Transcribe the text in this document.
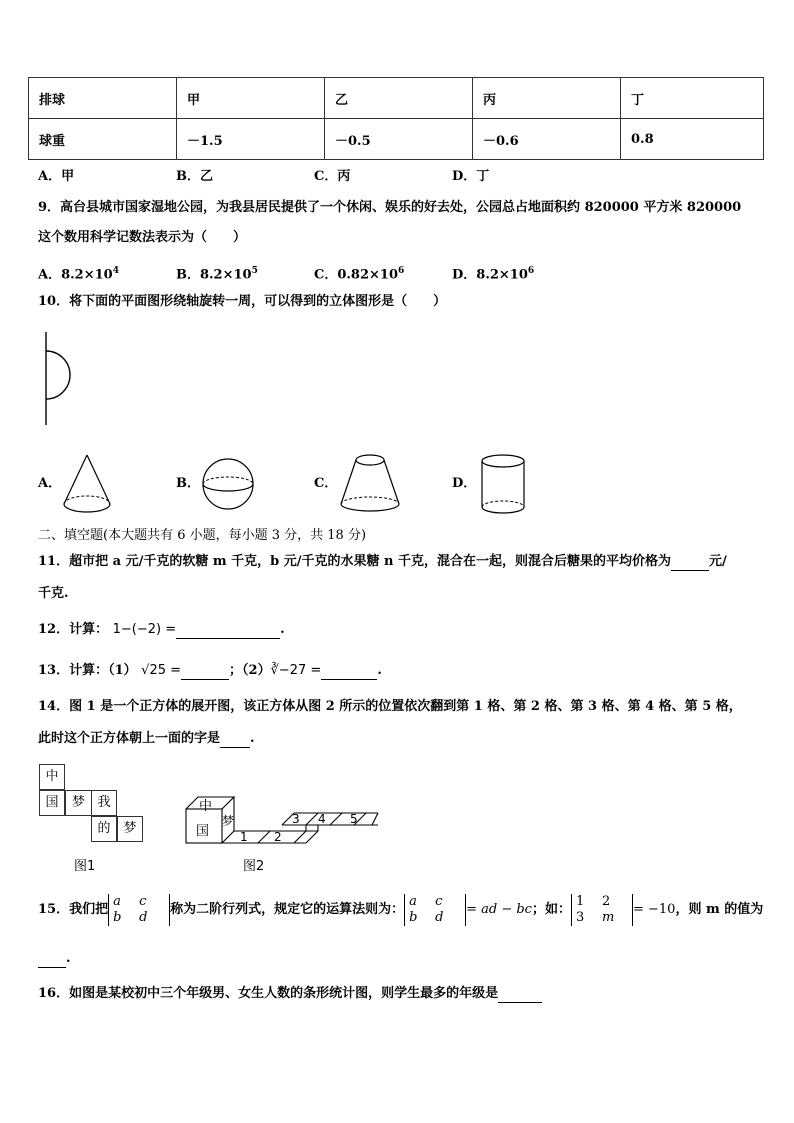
排球	甲	乙	丙	丁
球重	－1.5	－0.5	－0.6	0.8
A．甲	B．乙	C．丙	D．丁
9．高台县城市国家湿地公园，为我县居民提供了一个休闲、娱乐的好去处，公园总占地面积约 820000 平方米 820000
这个数用科学记数法表示为（　　）
A．$8.2\times 10^4$	B．$8.2\times 10^5$	C．$0.82\times 10^6$	D．$8.2\times 10^6$
10．将下面的平面图形绕轴旋转一周，可以得到的立体图形是（　　）
A．	B．	C．	D．
二、填空题(本大题共有 6 小题，每小题 3 分，共 18 分)
11．超市把 a 元/千克的软糖 m 千克，b 元/千克的水果糖 n 千克，混合在一起，则混合后糖果的平均价格为	元/
千克.
12．计算： 1−(−2) =	.
13．计算：（1） √25 =	；（2）∛−27 =	.
14．图 1 是一个正方体的展开图，该正方体从图 2 所示的位置依次翻到第 1 格、第 2 格、第 3 格、第 4 格、第 5 格，
此时这个正方体朝上一面的字是 .
中
国	梦 我
的 梦
图1
中
国
梦
1 2
3 4 5
图2
15．我们把a c
b d 称为二阶行列式，规定它的运算法则为：a c
b d = ad − bc；如：1 2
3 m = −10，则 m 的值为
.
16．如图是某校初中三个年级男、女生人数的条形统计图，则学生最多的年级是
